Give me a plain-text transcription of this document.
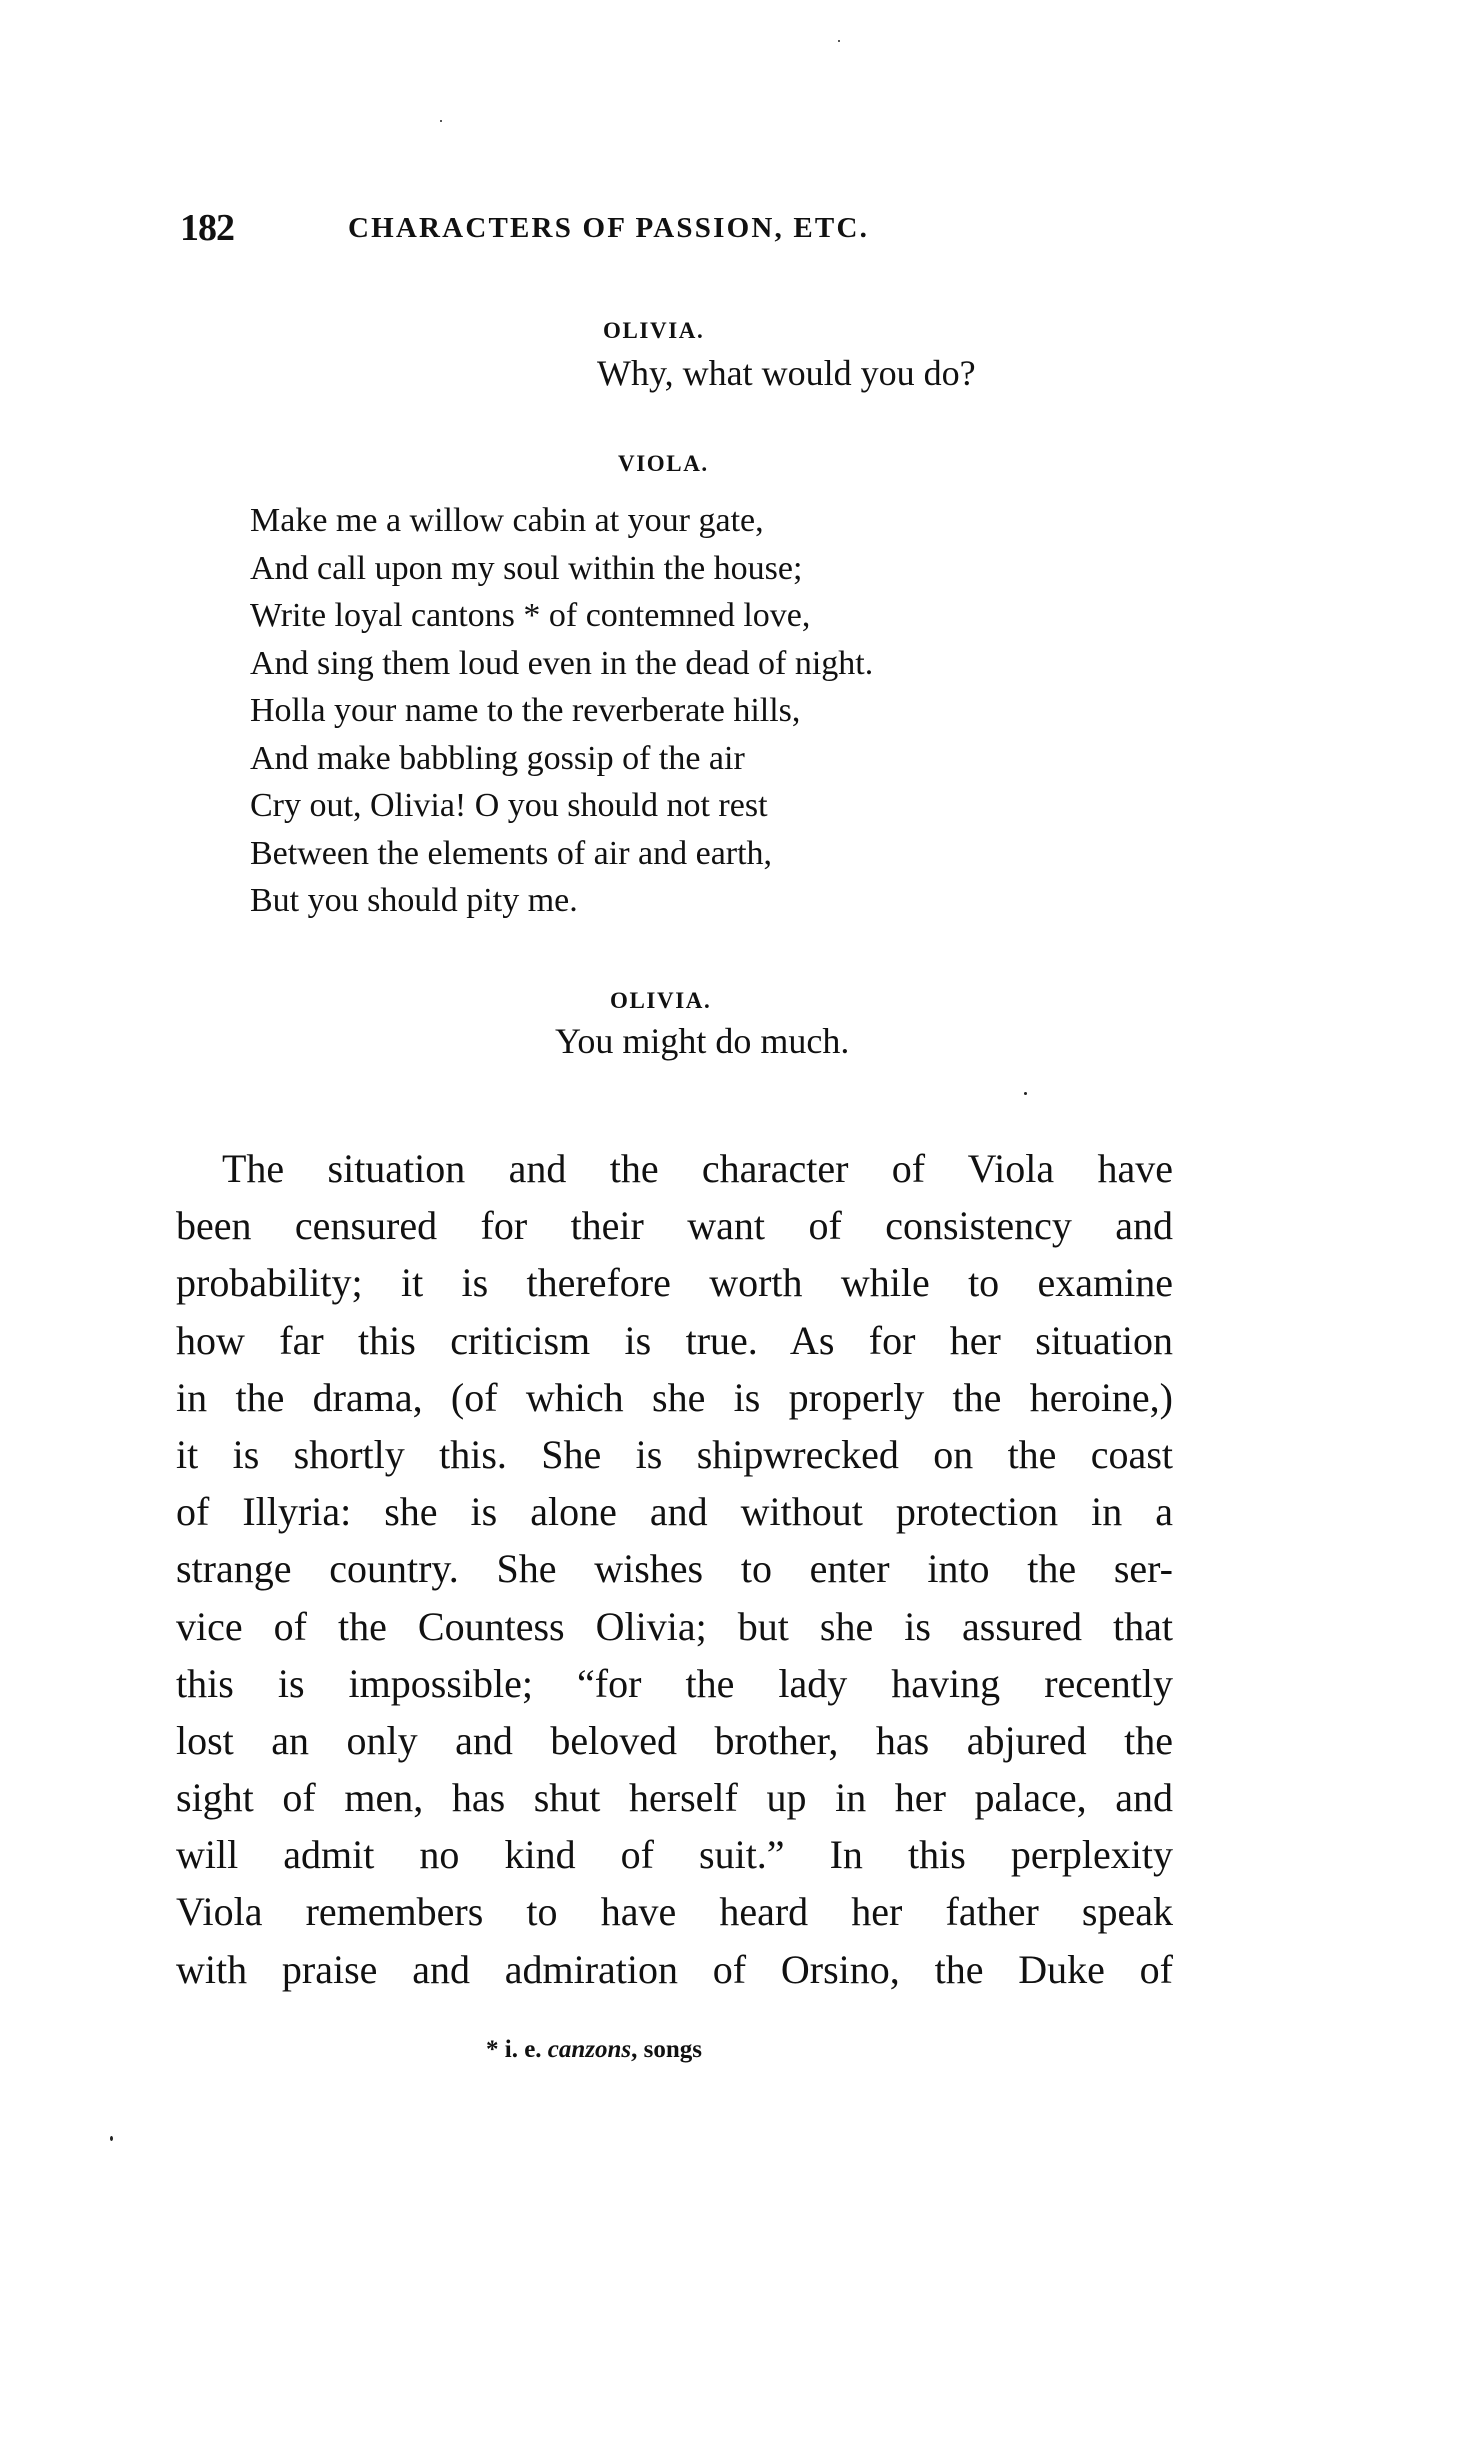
182	CHARACTERS OF PASSION, ETC.
OLIVIA.
Why, what would you do?
VIOLA.
Make me a willow cabin at your gate,
And call upon my soul within the house;
Write loyal cantons * of contemned love,
And sing them loud even in the dead of night.
Holla your name to the reverberate hills,
And make babbling gossip of the air
Cry out, Olivia! O you should not rest
Between the elements of air and earth,
But you should pity me.
OLIVIA.
You might do much.
The situation and the character of Viola have
been censured for their want of consistency and
probability; it is therefore worth while to examine
how far this criticism is true. As for her situation
in the drama, (of which she is properly the heroine,)
it is shortly this. She is shipwrecked on the coast
of Illyria: she is alone and without protection in a
strange country. She wishes to enter into the ser-
vice of the Countess Olivia; but she is assured that
this is impossible; “for the lady having recently
lost an only and beloved brother, has abjured the
sight of men, has shut herself up in her palace, and
will admit no kind of suit.” In this perplexity
Viola remembers to have heard her father speak
with praise and admiration of Orsino, the Duke of
* i. e. canzons, songs
